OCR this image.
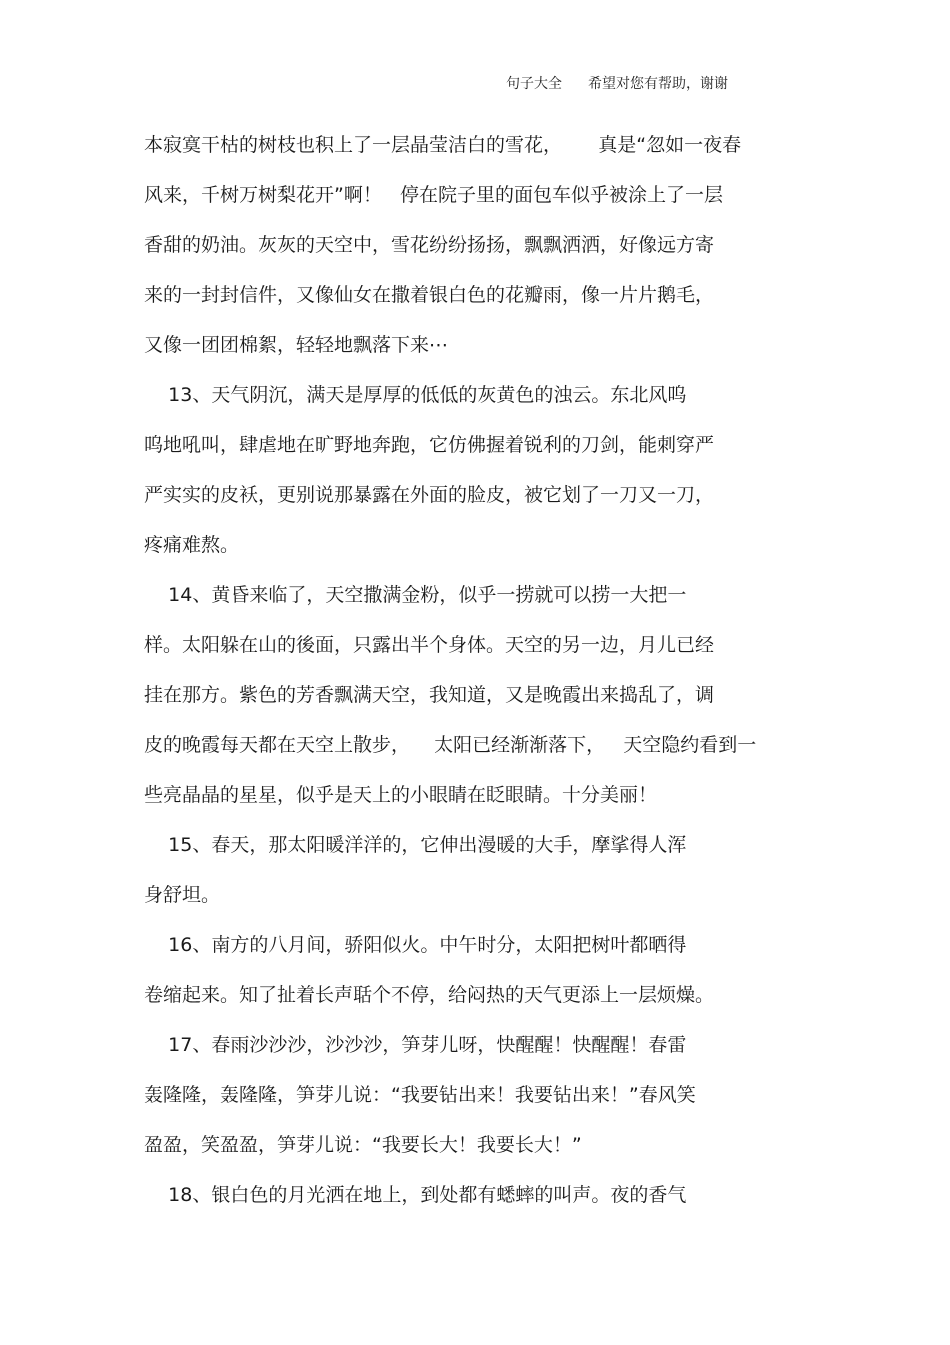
句子大全 希望对您有帮助，谢谢
本寂寞干枯的树枝也积上了一层晶莹洁白的雪花，      真是“忽如一夜春
风来，千树万树梨花开”啊！   停在院子里的面包车似乎被涂上了一层
香甜的奶油。灰灰的天空中，雪花纷纷扬扬，飘飘洒洒，好像远方寄
来的一封封信件，又像仙女在撒着银白色的花瓣雨，像一片片鹅毛，
又像一团团棉絮，轻轻地飘落下来⋯
13、天气阴沉，满天是厚厚的低低的灰黄色的浊云。东北风呜
呜地吼叫，肆虐地在旷野地奔跑，它仿佛握着锐利的刀剑，能刺穿严
严实实的皮袄，更别说那暴露在外面的脸皮，被它划了一刀又一刀，
疼痛难熬。
14、黄昏来临了，天空撒满金粉，似乎一捞就可以捞一大把一
样。太阳躲在山的後面，只露出半个身体。天空的另一边，月儿已经
挂在那方。紫色的芳香飘满天空，我知道，又是晚霞出来捣乱了，调
皮的晚霞每天都在天空上散步，    太阳已经渐渐落下，   天空隐约看到一
些亮晶晶的星星，似乎是天上的小眼睛在眨眼睛。十分美丽！
15、春天，那太阳暖洋洋的，它伸出漫暖的大手，摩挲得人浑
身舒坦。
16、南方的八月间，骄阳似火。中午时分，太阳把树叶都晒得
卷缩起来。知了扯着长声聒个不停，给闷热的天气更添上一层烦燥。
17、春雨沙沙沙，沙沙沙，笋芽儿呀，快醒醒！快醒醒！春雷
轰隆隆，轰隆隆，笋芽儿说：“我要钻出来！我要钻出来！”春风笑
盈盈，笑盈盈，笋芽儿说：“我要长大！我要长大！”
18、银白色的月光洒在地上，到处都有蟋蟀的叫声。夜的香气
